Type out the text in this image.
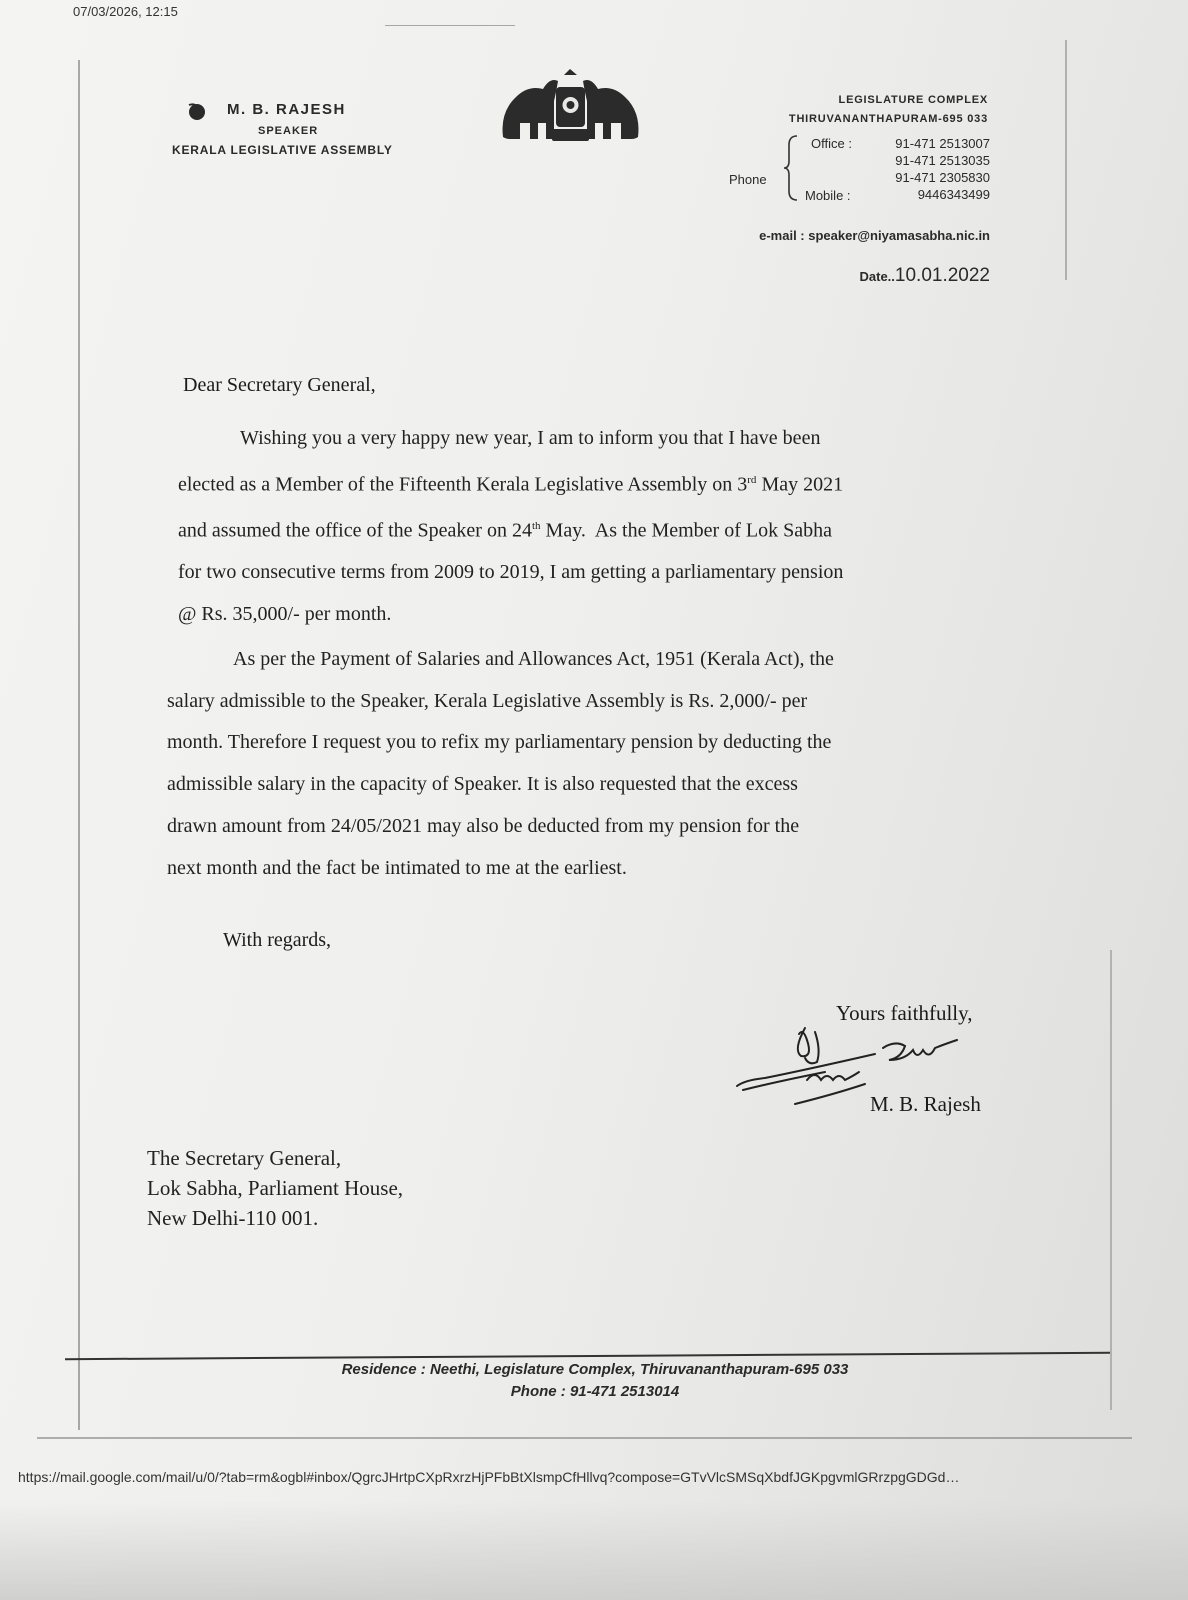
07/03/2026, 12:15
M. B. RAJESH
SPEAKER
KERALA LEGISLATIVE ASSEMBLY
LEGISLATURE COMPLEX
THIRUVANANTHAPURAM-695 033
Phone
Office :	91-471 2513007
91-471 2513035
91-471 2305830
Mobile :	9446343499
e-mail : speaker@niyamasabha.nic.in
Date..10.01.2022
Dear Secretary General,
Wishing you a very happy new year, I am to inform you that I have been
elected as a Member of the Fifteenth Kerala Legislative Assembly on 3rd May 2021
and assumed the office of the Speaker on 24th May.  As the Member of Lok Sabha
for two consecutive terms from 2009 to 2019, I am getting a parliamentary pension
@ Rs. 35,000/- per month.
As per the Payment of Salaries and Allowances Act, 1951 (Kerala Act), the
salary admissible to the Speaker, Kerala Legislative Assembly is Rs. 2,000/- per
month. Therefore I request you to refix my parliamentary pension by deducting the
admissible salary in the capacity of Speaker. It is also requested that the excess
drawn amount from 24/05/2021 may also be deducted from my pension for the
next month and the fact be intimated to me at the earliest.
With regards,
Yours faithfully,
M. B. Rajesh
The Secretary General,
Lok Sabha, Parliament House,
New Delhi-110 001.
Residence : Neethi, Legislature Complex, Thiruvananthapuram-695 033
Phone : 91-471 2513014
https://mail.google.com/mail/u/0/?tab=rm&ogbl#inbox/QgrcJHrtpCXpRxrzHjPFbBtXlsmpCfHllvq?compose=GTvVlcSMSqXbdfJGKpgvmlGRrzpgGDGd…
